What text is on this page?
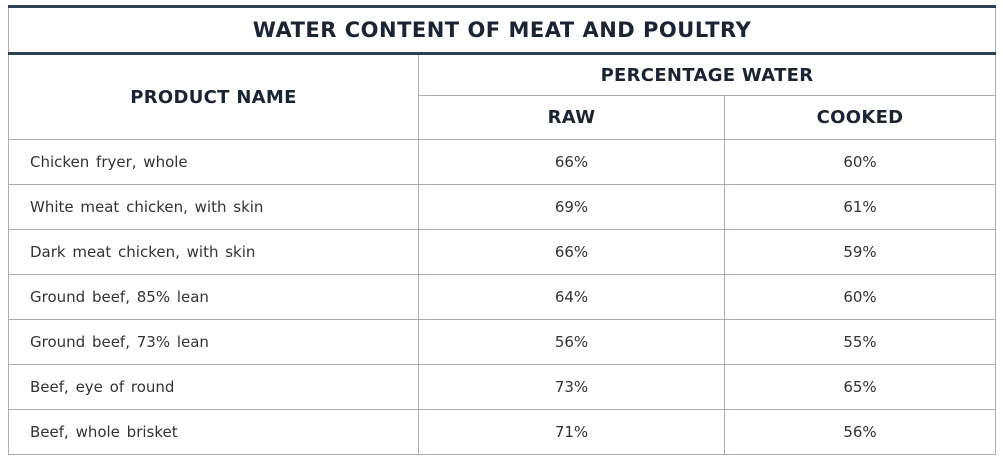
WATER CONTENT OF MEAT AND POULTRY		
PRODUCT NAME	PERCENTAGE WATER	
	RAW	COOKED
Chicken fryer, whole	66%	60%
White meat chicken, with skin	69%	61%
Dark meat chicken, with skin	66%	59%
Ground beef, 85% lean	64%	60%
Ground beef, 73% lean	56%	55%
Beef, eye of round	73%	65%
Beef, whole brisket	71%	56%
